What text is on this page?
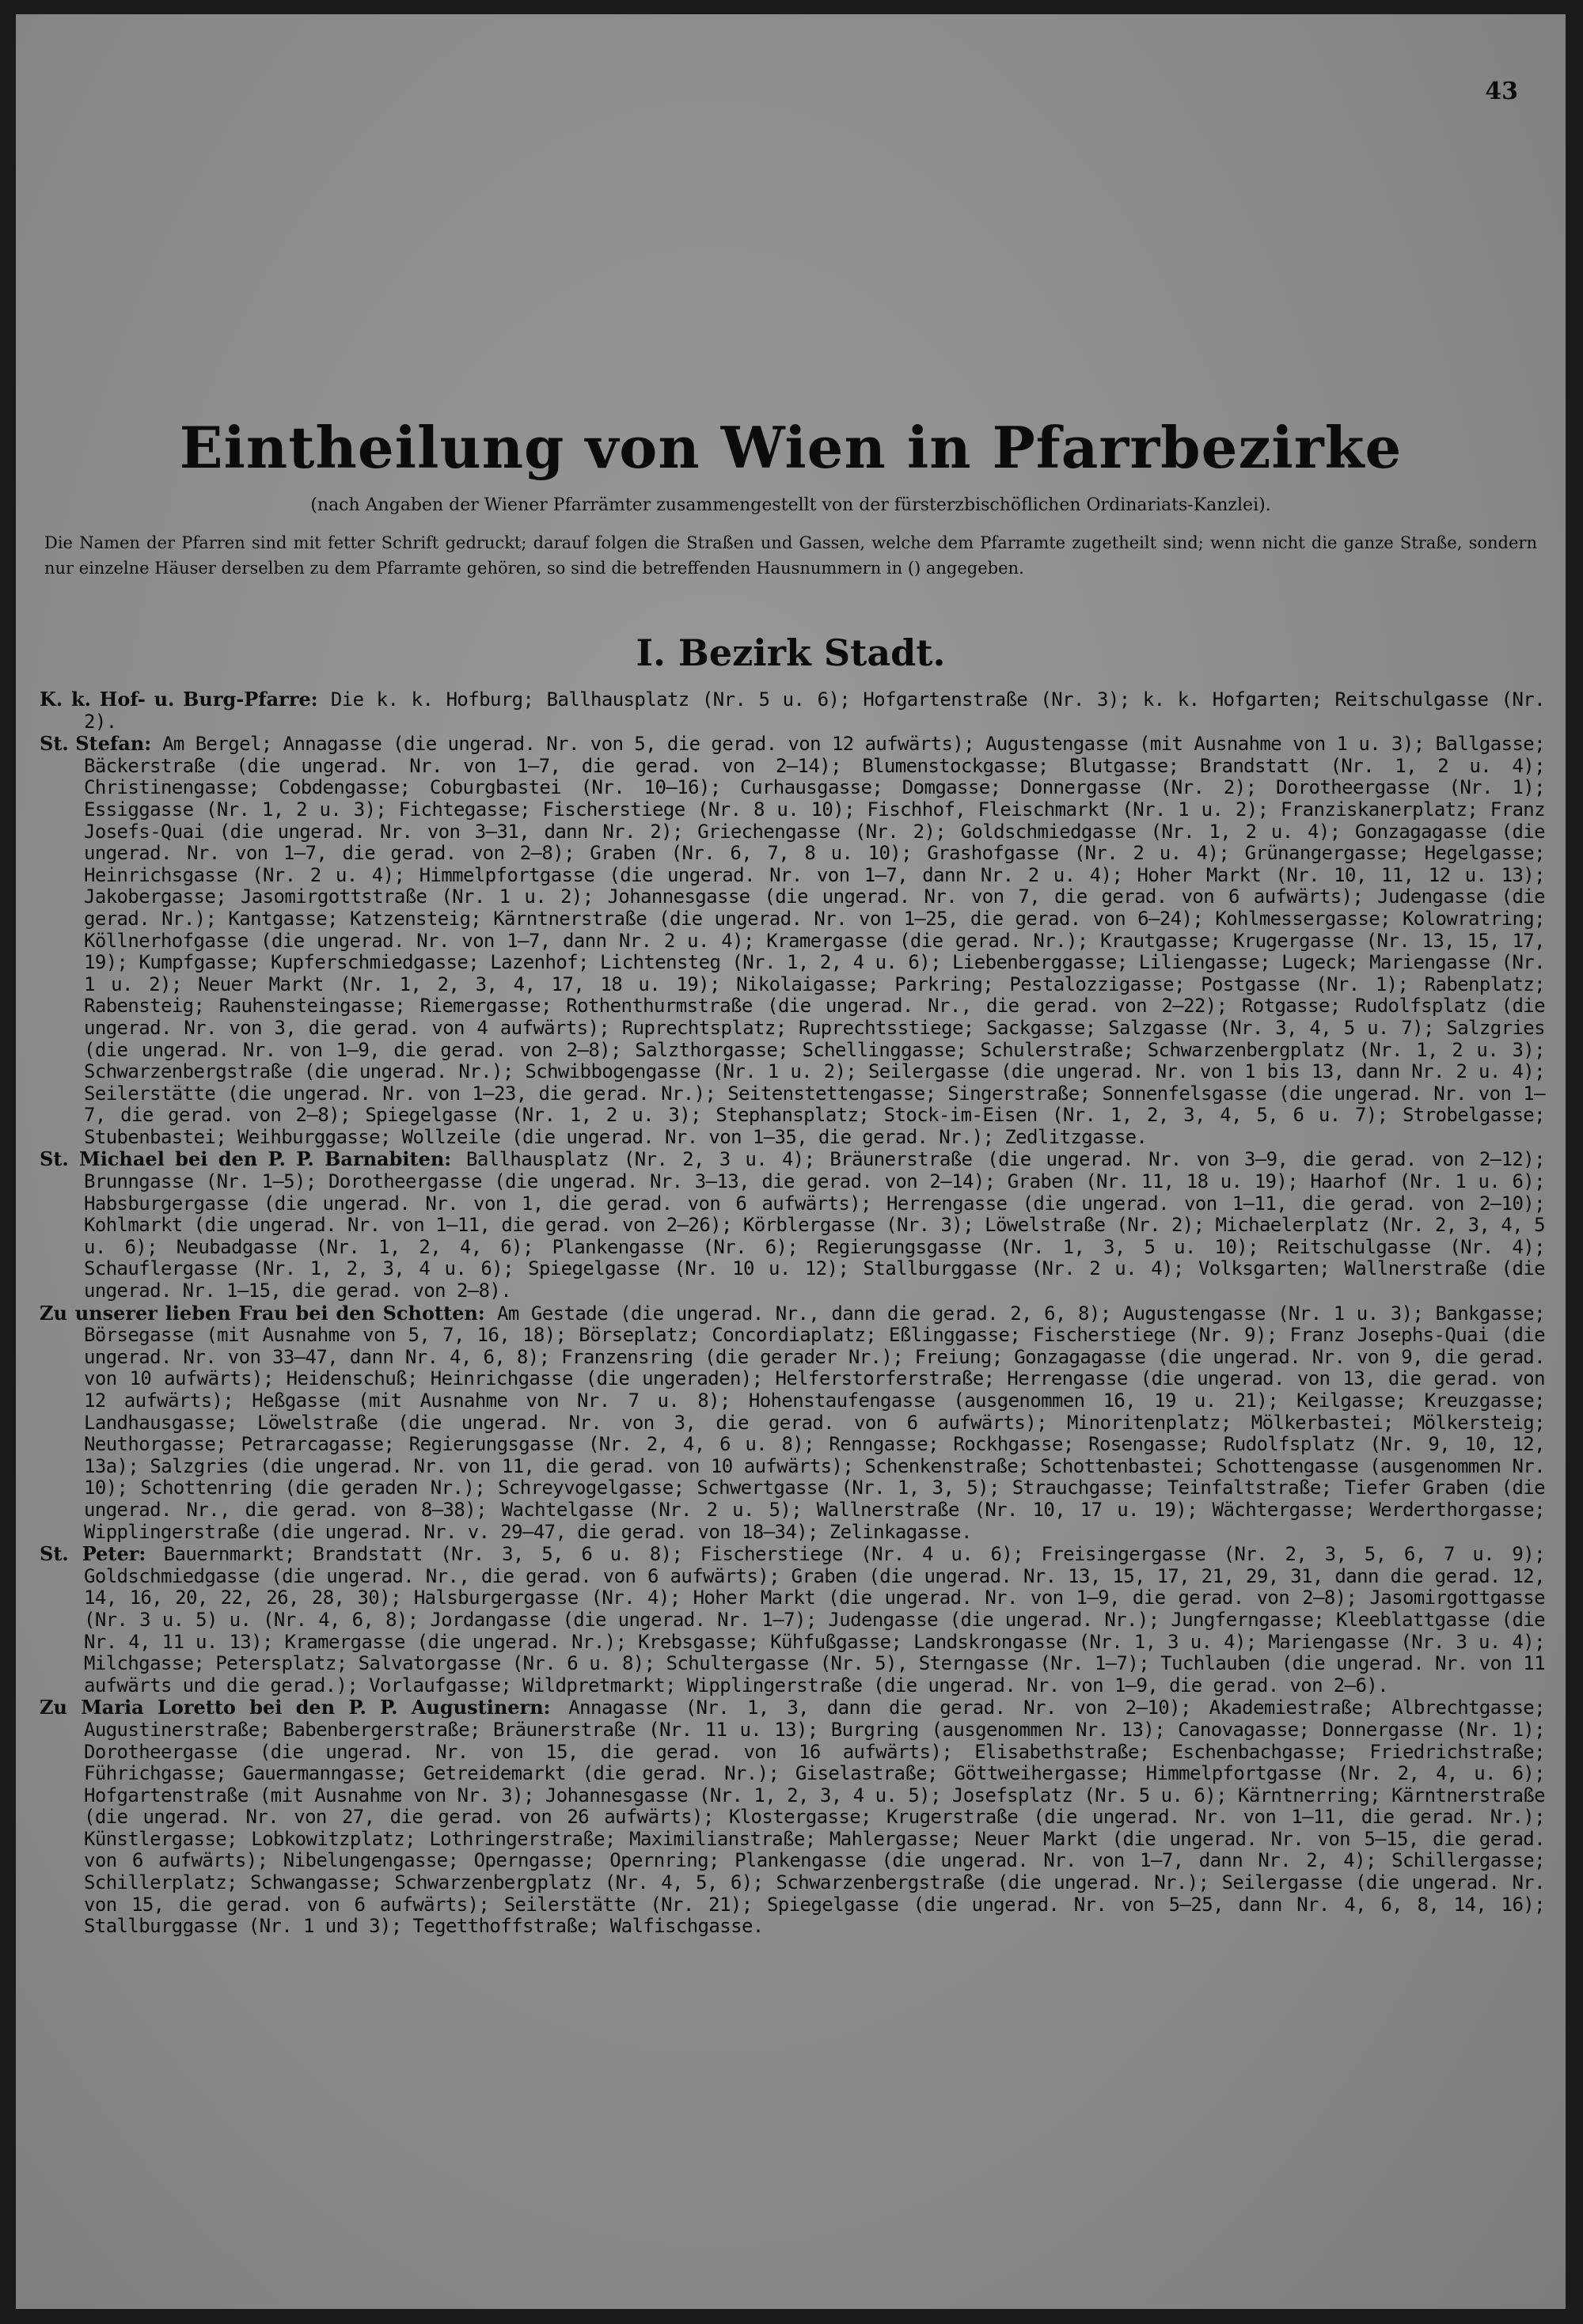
43
Eintheilung von Wien in Pfarrbezirke
(nach Angaben der Wiener Pfarrämter zusammengestellt von der fürsterzbischöflichen Ordinariats-Kanzlei).
Die Namen der Pfarren sind mit fetter Schrift gedruckt; darauf folgen die Straßen und Gassen, welche dem Pfarramte zugetheilt sind; wenn nicht die ganze Straße, sondern nur einzelne Häuser derselben zu dem Pfarramte gehören, so sind die betreffenden Hausnummern in () angegeben.
I. Bezirk Stadt.

K. k. Hof- u. Burg-Pfarre: Die k. k. Hofburg; Ballhausplatz (Nr. 5 u. 6); Hofgartenstraße (Nr. 3); k. k. Hofgarten; Reitschulgasse (Nr. 2).

St. Stefan: Am Bergel; Annagasse (die ungerad. Nr. von 5, die gerad. von 12 aufwärts); Augustengasse (mit Ausnahme von 1 u. 3); Ballgasse; Bäckerstraße (die ungerad. Nr. von 1—7, die gerad. von 2—14); Blumenstockgasse; Blutgasse; Brandstatt (Nr. 1, 2 u. 4); Christinengasse; Cobdengasse; Coburgbastei (Nr. 10—16); Curhausgasse; Domgasse; Donnergasse (Nr. 2); Dorotheergasse (Nr. 1); Essiggasse (Nr. 1, 2 u. 3); Fichtegasse; Fischerstiege (Nr. 8 u. 10); Fischhof, Fleischmarkt (Nr. 1 u. 2); Franziskanerplatz; Franz Josefs-Quai (die ungerad. Nr. von 3—31, dann Nr. 2); Griechengasse (Nr. 2); Goldschmiedgasse (Nr. 1, 2 u. 4); Gonzagagasse (die ungerad. Nr. von 1—7, die gerad. von 2—8); Graben (Nr. 6, 7, 8 u. 10); Grashofgasse (Nr. 2 u. 4); Grünangergasse; Hegelgasse; Heinrichsgasse (Nr. 2 u. 4); Himmelpfortgasse (die ungerad. Nr. von 1—7, dann Nr. 2 u. 4); Hoher Markt (Nr. 10, 11, 12 u. 13); Jakobergasse; Jasomirgottstraße (Nr. 1 u. 2); Johannesgasse (die ungerad. Nr. von 7, die gerad. von 6 aufwärts); Judengasse (die gerad. Nr.); Kantgasse; Katzensteig; Kärntnerstraße (die ungerad. Nr. von 1—25, die gerad. von 6—24); Kohlmessergasse; Kolowratring; Köllnerhofgasse (die ungerad. Nr. von 1—7, dann Nr. 2 u. 4); Kramergasse (die gerad. Nr.); Krautgasse; Krugergasse (Nr. 13, 15, 17, 19); Kumpfgasse; Kupferschmiedgasse; Lazenhof; Lichtensteg (Nr. 1, 2, 4 u. 6); Liebenberggasse; Liliengasse; Lugeck; Mariengasse (Nr. 1 u. 2); Neuer Markt (Nr. 1, 2, 3, 4, 17, 18 u. 19); Nikolaigasse; Parkring; Pestalozzigasse; Postgasse (Nr. 1); Rabenplatz; Rabensteig; Rauhensteingasse; Riemergasse; Rothenthurmstraße (die ungerad. Nr., die gerad. von 2—22); Rotgasse; Rudolfsplatz (die ungerad. Nr. von 3, die gerad. von 4 aufwärts); Ruprechtsplatz; Ruprechtsstiege; Sackgasse; Salzgasse (Nr. 3, 4, 5 u. 7); Salzgries (die ungerad. Nr. von 1—9, die gerad. von 2—8); Salzthorgasse; Schellinggasse; Schulerstraße; Schwarzenbergplatz (Nr. 1, 2 u. 3); Schwarzenbergstraße (die ungerad. Nr.); Schwibbogengasse (Nr. 1 u. 2); Seilergasse (die ungerad. Nr. von 1 bis 13, dann Nr. 2 u. 4); Seilerstätte (die ungerad. Nr. von 1—23, die gerad. Nr.); Seitenstettengasse; Singerstraße; Sonnenfelsgasse (die ungerad. Nr. von 1—7, die gerad. von 2—8); Spiegelgasse (Nr. 1, 2 u. 3); Stephansplatz; Stock-im-Eisen (Nr. 1, 2, 3, 4, 5, 6 u. 7); Strobelgasse; Stubenbastei; Weihburggasse; Wollzeile (die ungerad. Nr. von 1—35, die gerad. Nr.); Zedlitzgasse.

St. Michael bei den P. P. Barnabiten: Ballhausplatz (Nr. 2, 3 u. 4); Bräunerstraße (die ungerad. Nr. von 3—9, die gerad. von 2—12); Brunngasse (Nr. 1—5); Dorotheergasse (die ungerad. Nr. 3—13, die gerad. von 2—14); Graben (Nr. 11, 18 u. 19); Haarhof (Nr. 1 u. 6); Habsburgergasse (die ungerad. Nr. von 1, die gerad. von 6 aufwärts); Herrengasse (die ungerad. von 1—11, die gerad. von 2—10); Kohlmarkt (die ungerad. Nr. von 1—11, die gerad. von 2—26); Körblergasse (Nr. 3); Löwelstraße (Nr. 2); Michaelerplatz (Nr. 2, 3, 4, 5 u. 6); Neubadgasse (Nr. 1, 2, 4, 6); Plankengasse (Nr. 6); Regierungsgasse (Nr. 1, 3, 5 u. 10); Reitschulgasse (Nr. 4); Schauflergasse (Nr. 1, 2, 3, 4 u. 6); Spiegelgasse (Nr. 10 u. 12); Stallburggasse (Nr. 2 u. 4); Volksgarten; Wallnerstraße (die ungerad. Nr. 1—15, die gerad. von 2—8).

Zu unserer lieben Frau bei den Schotten: Am Gestade (die ungerad. Nr., dann die gerad. 2, 6, 8); Augustengasse (Nr. 1 u. 3); Bankgasse; Börsegasse (mit Ausnahme von 5, 7, 16, 18); Börseplatz; Concordiaplatz; Eßlinggasse; Fischerstiege (Nr. 9); Franz Josephs-Quai (die ungerad. Nr. von 33—47, dann Nr. 4, 6, 8); Franzensring (die gerader Nr.); Freiung; Gonzagagasse (die ungerad. Nr. von 9, die gerad. von 10 aufwärts); Heidenschuß; Heinrichgasse (die ungeraden); Helferstorferstraße; Herrengasse (die ungerad. von 13, die gerad. von 12 aufwärts); Heßgasse (mit Ausnahme von Nr. 7 u. 8); Hohenstaufengasse (ausgenommen 16, 19 u. 21); Keilgasse; Kreuzgasse; Landhausgasse; Löwelstraße (die ungerad. Nr. von 3, die gerad. von 6 aufwärts); Minoritenplatz; Mölkerbastei; Mölkersteig; Neuthorgasse; Petrarcagasse; Regierungsgasse (Nr. 2, 4, 6 u. 8); Renngasse; Rockhgasse; Rosengasse; Rudolfsplatz (Nr. 9, 10, 12, 13a); Salzgries (die ungerad. Nr. von 11, die gerad. von 10 aufwärts); Schenkenstraße; Schottenbastei; Schottengasse (ausgenommen Nr. 10); Schottenring (die geraden Nr.); Schreyvogelgasse; Schwertgasse (Nr. 1, 3, 5); Strauchgasse; Teinfaltstraße; Tiefer Graben (die ungerad. Nr., die gerad. von 8—38); Wachtelgasse (Nr. 2 u. 5); Wallnerstraße (Nr. 10, 17 u. 19); Wächtergasse; Werderthorgasse; Wipplingerstraße (die ungerad. Nr. v. 29—47, die gerad. von 18—34); Zelinkagasse.

St. Peter: Bauernmarkt; Brandstatt (Nr. 3, 5, 6 u. 8); Fischerstiege (Nr. 4 u. 6); Freisingergasse (Nr. 2, 3, 5, 6, 7 u. 9); Goldschmiedgasse (die ungerad. Nr., die gerad. von 6 aufwärts); Graben (die ungerad. Nr. 13, 15, 17, 21, 29, 31, dann die gerad. 12, 14, 16, 20, 22, 26, 28, 30); Halsburgergasse (Nr. 4); Hoher Markt (die ungerad. Nr. von 1—9, die gerad. von 2—8); Jasomirgottgasse (Nr. 3 u. 5) u. (Nr. 4, 6, 8); Jordangasse (die ungerad. Nr. 1—7); Judengasse (die ungerad. Nr.); Jungferngasse; Kleeblattgasse (die Nr. 4, 11 u. 13); Kramergasse (die ungerad. Nr.); Krebsgasse; Kühfußgasse; Landskrongasse (Nr. 1, 3 u. 4); Mariengasse (Nr. 3 u. 4); Milchgasse; Petersplatz; Salvatorgasse (Nr. 6 u. 8); Schultergasse (Nr. 5), Sterngasse (Nr. 1—7); Tuchlauben (die ungerad. Nr. von 11 aufwärts und die gerad.); Vorlaufgasse; Wildpretmarkt; Wipplingerstraße (die ungerad. Nr. von 1—9, die gerad. von 2—6).

Zu Maria Loretto bei den P. P. Augustinern: Annagasse (Nr. 1, 3, dann die gerad. Nr. von 2—10); Akademiestraße; Albrechtgasse; Augustinerstraße; Babenbergerstraße; Bräunerstraße (Nr. 11 u. 13); Burgring (ausgenommen Nr. 13); Canovagasse; Donnergasse (Nr. 1); Dorotheergasse (die ungerad. Nr. von 15, die gerad. von 16 aufwärts); Elisabethstraße; Eschenbachgasse; Friedrichstraße; Führichgasse; Gauermanngasse; Getreidemarkt (die gerad. Nr.); Giselastraße; Göttweihergasse; Himmelpfortgasse (Nr. 2, 4, u. 6); Hofgartenstraße (mit Ausnahme von Nr. 3); Johannesgasse (Nr. 1, 2, 3, 4 u. 5); Josefsplatz (Nr. 5 u. 6); Kärntnerring; Kärntnerstraße (die ungerad. Nr. von 27, die gerad. von 26 aufwärts); Klostergasse; Krugerstraße (die ungerad. Nr. von 1—11, die gerad. Nr.); Künstlergasse; Lobkowitzplatz; Lothringerstraße; Maximilianstraße; Mahlergasse; Neuer Markt (die ungerad. Nr. von 5—15, die gerad. von 6 aufwärts); Nibelungengasse; Operngasse; Opernring; Plankengasse (die ungerad. Nr. von 1—7, dann Nr. 2, 4); Schillergasse; Schillerplatz; Schwangasse; Schwarzenbergplatz (Nr. 4, 5, 6); Schwarzenbergstraße (die ungerad. Nr.); Seilergasse (die ungerad. Nr. von 15, die gerad. von 6 aufwärts); Seilerstätte (Nr. 21); Spiegelgasse (die ungerad. Nr. von 5—25, dann Nr. 4, 6, 8, 14, 16); Stallburggasse (Nr. 1 und 3); Tegetthoffstraße; Walfischgasse.
